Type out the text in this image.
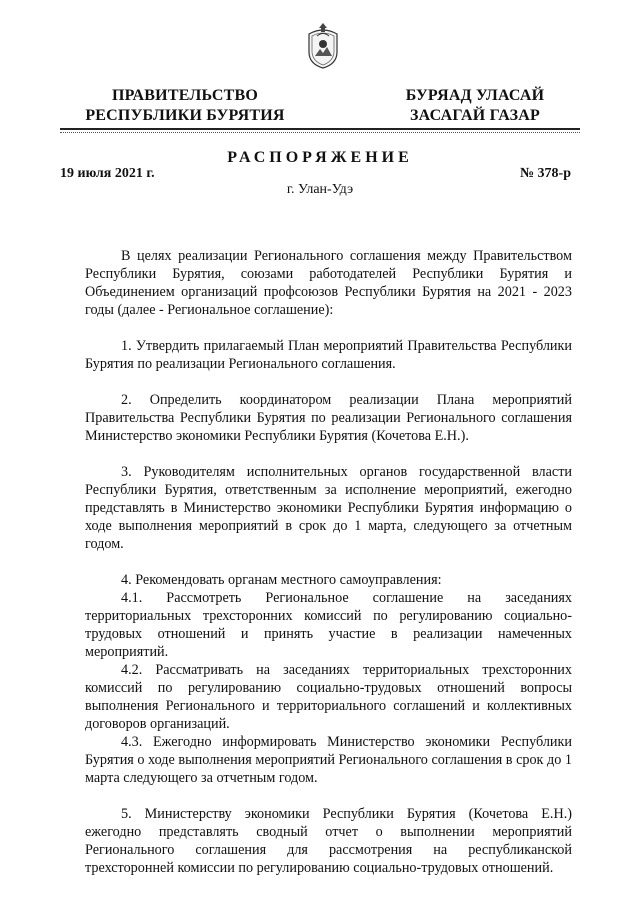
ПРАВИТЕЛЬСТВО
РЕСПУБЛИКИ БУРЯТИЯ
БУРЯАД УЛАСАЙ
ЗАСАГАЙ ГАЗАР
РАСПОРЯЖЕНИЕ
19 июля 2021 г.	№ 378-р
г. Улан-Удэ

В целях реализации Регионального соглашения между Правительством Республики Бурятия, союзами работодателей Республики Бурятия и Объединением организаций профсоюзов Республики Бурятия на 2021 - 2023 годы (далее - Региональное соглашение):

1. Утвердить прилагаемый План мероприятий Правительства Республики Бурятия по реализации Регионального соглашения.

2. Определить координатором реализации Плана мероприятий Правительства Республики Бурятия по реализации Регионального соглашения Министерство экономики Республики Бурятия (Кочетова Е.Н.).

3. Руководителям исполнительных органов государственной власти Республики Бурятия, ответственным за исполнение мероприятий, ежегодно представлять в Министерство экономики Республики Бурятия информацию о ходе выполнения мероприятий в срок до 1 марта, следующего за отчетным годом.

4. Рекомендовать органам местного самоуправления:

4.1. Рассмотреть Региональное соглашение на заседаниях территориальных трехсторонних комиссий по регулированию социально-трудовых отношений и принять участие в реализации намеченных мероприятий.

4.2. Рассматривать на заседаниях территориальных трехсторонних комиссий по регулированию социально-трудовых отношений вопросы выполнения Регионального и территориального соглашений и коллективных договоров организаций.

4.3. Ежегодно информировать Министерство экономики Республики Бурятия о ходе выполнения мероприятий Регионального соглашения в срок до 1 марта следующего за отчетным годом.

5. Министерству экономики Республики Бурятия (Кочетова Е.Н.) ежегодно представлять сводный отчет о выполнении мероприятий Регионального соглашения для рассмотрения на республиканской трехсторонней комиссии по регулированию социально-трудовых отношений.
